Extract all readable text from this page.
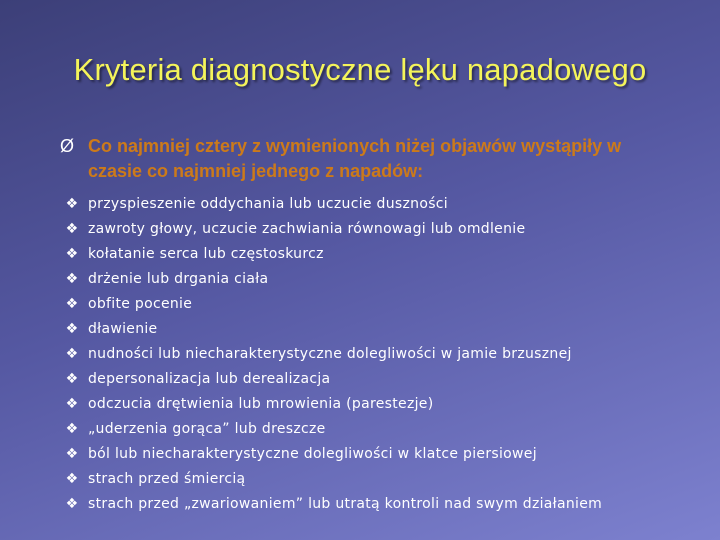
Kryteria diagnostyczne lęku napadowego
Ø Co najmniej cztery z wymienionych niżej objawów wystąpiły w czasie co najmniej jednego z napadów:
❖ przyspieszenie oddychania lub uczucie duszności
❖ zawroty głowy, uczucie zachwiania równowagi lub omdlenie
❖ kołatanie serca lub częstoskurcz
❖ drżenie lub drgania ciała
❖ obfite pocenie
❖ dławienie
❖ nudności lub niecharakterystyczne dolegliwości w jamie brzusznej
❖ depersonalizacja lub derealizacja
❖ odczucia drętwienia lub mrowienia (parestezje)
❖ „uderzenia gorąca” lub dreszcze
❖ ból lub niecharakterystyczne dolegliwości w klatce piersiowej
❖ strach przed śmiercią
❖ strach przed „zwariowaniem” lub utratą kontroli nad swym działaniem
